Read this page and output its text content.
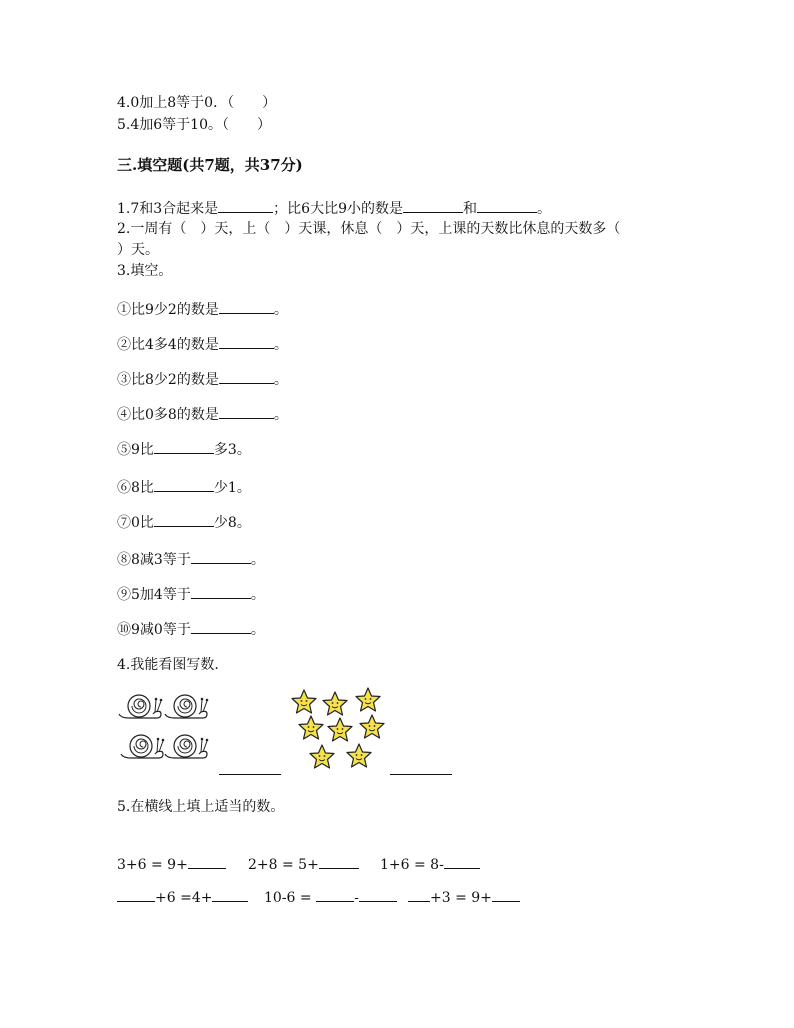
4.0加上8等于0．（　　）
5.4加6等于10。（　　）
三.填空题(共7题，共37分)
1.7和3合起来是	；比6大比9小的数是	和	。
2.一周有（　）天，上（　）天课，休息（　）天，上课的天数比休息的天数多（
）天。
3.填空。
①比9少2的数是	。
②比4多4的数是	。
③比8少2的数是	。
④比0多8的数是	。
⑤9比	多3。
⑥8比	少1。
⑦0比	少8。
⑧8减3等于	。
⑨5加4等于	。
⑩9减0等于	。
4.我能看图写数.
5.在横线上填上适当的数。
3+6 = 9+	2+8 = 5+	1+6 = 8-
+6 =4+	10-6 =	-	+3 = 9+
